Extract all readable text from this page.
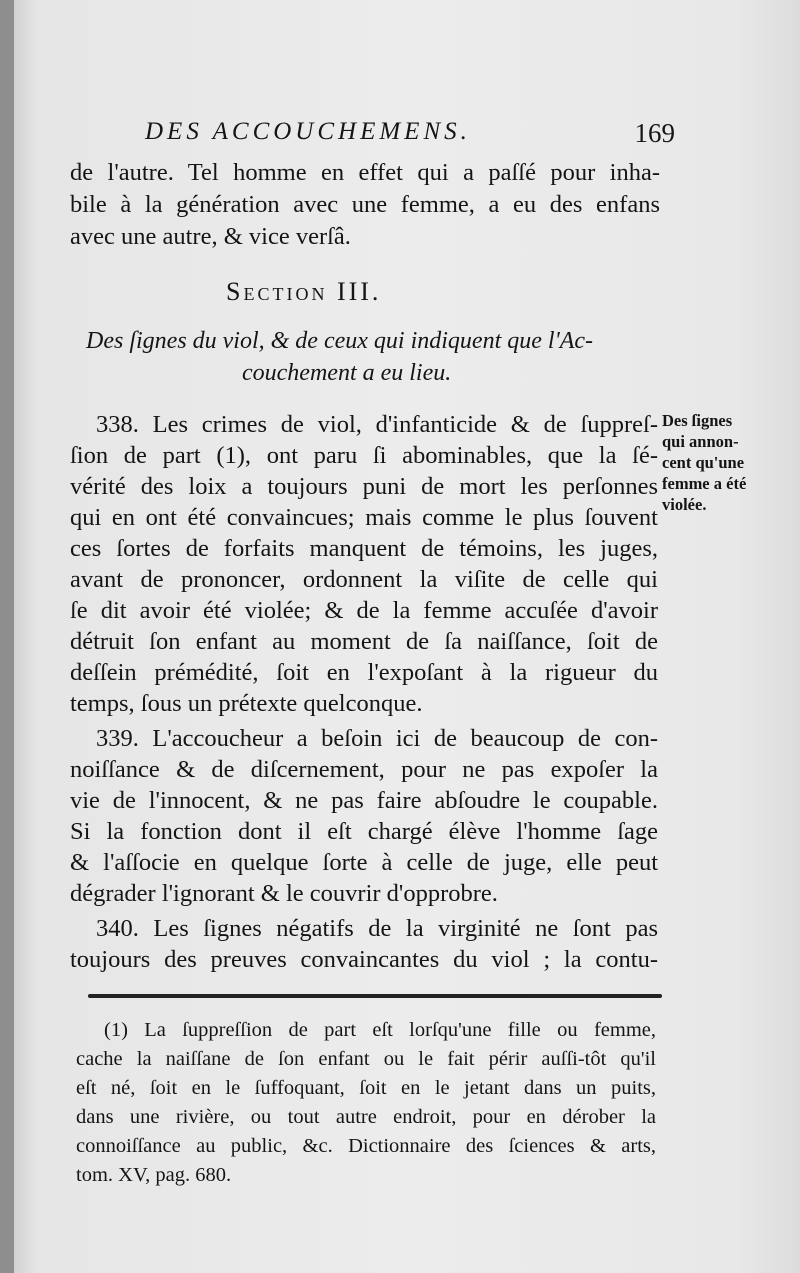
DES ACCOUCHEMENS.	169
de l'autre. Tel homme en effet qui a paſſé pour inha-
bile à la génération avec une femme, a eu des enfans
avec une autre, & vice verſâ.
Section III.
Des ſignes du viol, & de ceux qui indiquent que l'Ac-
couchement a eu lieu.
Des ſignes
qui annon-
cent qu'une
femme a été
violée.
338. Les crimes de viol, d'infanticide & de ſuppreſ-
ſion de part (1), ont paru ſi abominables, que la ſé-
vérité des loix a toujours puni de mort les perſonnes
qui en ont été convaincues; mais comme le plus ſouvent
ces ſortes de forfaits manquent de témoins, les juges,
avant de prononcer, ordonnent la viſite de celle qui
ſe dit avoir été violée; & de la femme accuſée d'avoir
détruit ſon enfant au moment de ſa naiſſance, ſoit de
deſſein prémédité, ſoit en l'expoſant à la rigueur du
temps, ſous un prétexte quelconque.
339. L'accoucheur a beſoin ici de beaucoup de con-
noiſſance & de diſcernement, pour ne pas expoſer la
vie de l'innocent, & ne pas faire abſoudre le coupable.
Si la fonction dont il eſt chargé élève l'homme ſage
& l'aſſocie en quelque ſorte à celle de juge, elle peut
dégrader l'ignorant & le couvrir d'opprobre.
340. Les ſignes négatifs de la virginité ne ſont pas
toujours des preuves convaincantes du viol ; la contu-
(1) La ſuppreſſion de part eſt lorſqu'une fille ou femme,
cache la naiſſane de ſon enfant ou le fait périr auſſi-tôt qu'il
eſt né, ſoit en le ſuffoquant, ſoit en le jetant dans un puits,
dans une rivière, ou tout autre endroit, pour en dérober la
connoiſſance au public, &c. Dictionnaire des ſciences & arts,
tom. XV, pag. 680.
